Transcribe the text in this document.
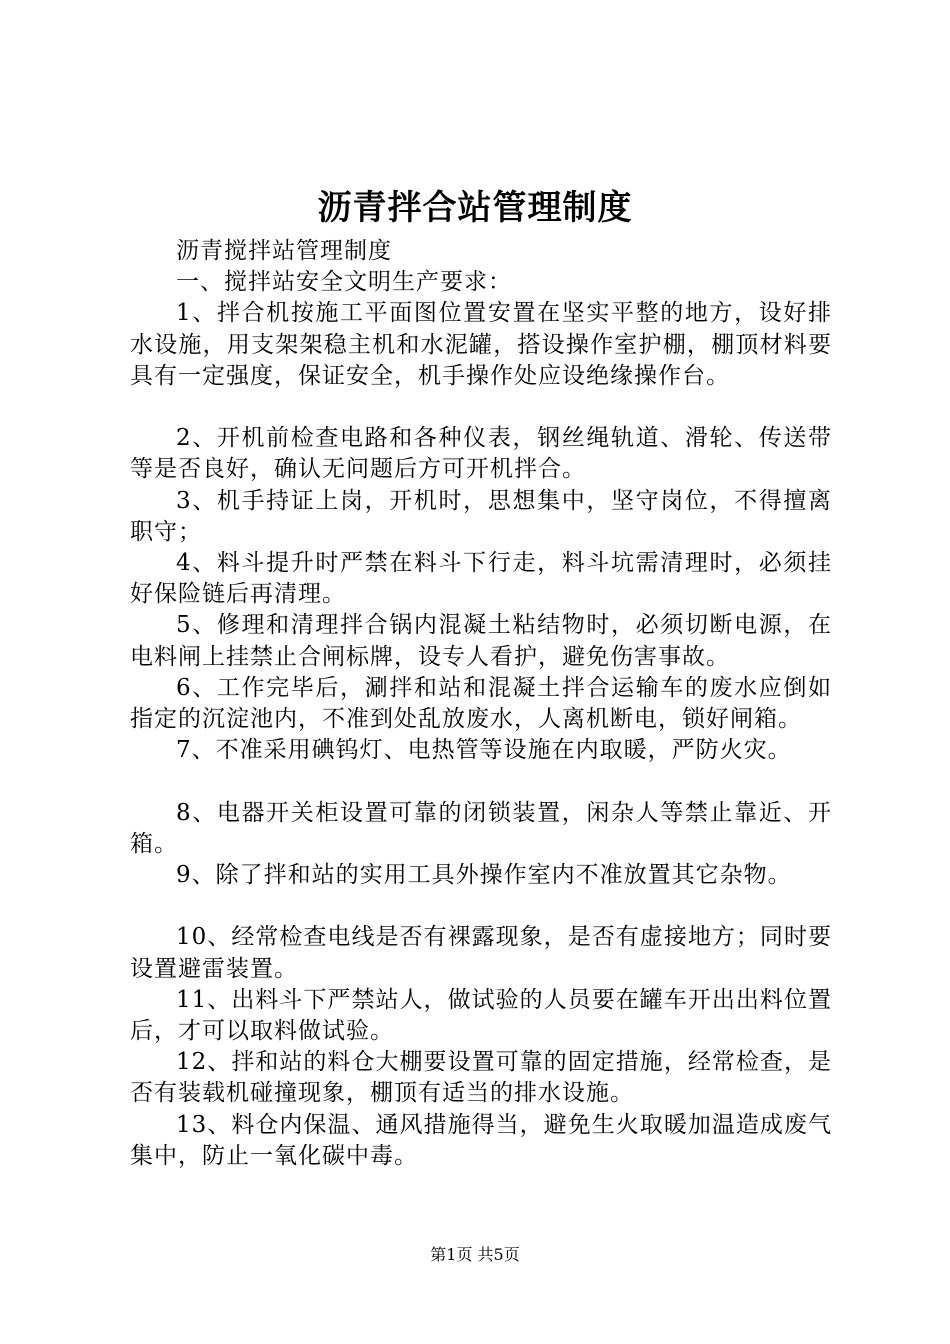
沥青拌合站管理制度

沥青搅拌站管理制度

一、搅拌站安全文明生产要求：

1、拌合机按施工平面图位置安置在坚实平整的地方，设好排水设施，用支架架稳主机和水泥罐，搭设操作室护棚，棚顶材料要具有一定强度，保证安全，机手操作处应设绝缘操作台。

2、开机前检查电路和各种仪表，钢丝绳轨道、滑轮、传送带等是否良好，确认无问题后方可开机拌合。

3、机手持证上岗，开机时，思想集中，坚守岗位，不得擅离职守；

4、料斗提升时严禁在料斗下行走，料斗坑需清理时，必须挂好保险链后再清理。

5、修理和清理拌合锅内混凝土粘结物时，必须切断电源，在电料闸上挂禁止合闸标牌，设专人看护，避免伤害事故。

6、工作完毕后，涮拌和站和混凝土拌合运输车的废水应倒如指定的沉淀池内，不准到处乱放废水，人离机断电，锁好闸箱。

7、不准采用碘钨灯、电热管等设施在内取暖，严防火灾。

8、电器开关柜设置可靠的闭锁装置，闲杂人等禁止靠近、开箱。

9、除了拌和站的实用工具外操作室内不准放置其它杂物。

10、经常检查电线是否有裸露现象，是否有虚接地方；同时要设置避雷装置。

11、出料斗下严禁站人，做试验的人员要在罐车开出出料位置后，才可以取料做试验。

12、拌和站的料仓大棚要设置可靠的固定措施，经常检查，是否有装载机碰撞现象，棚顶有适当的排水设施。

13、料仓内保温、通风措施得当，避免生火取暖加温造成废气集中，防止一氧化碳中毒。

第1页 共5页
